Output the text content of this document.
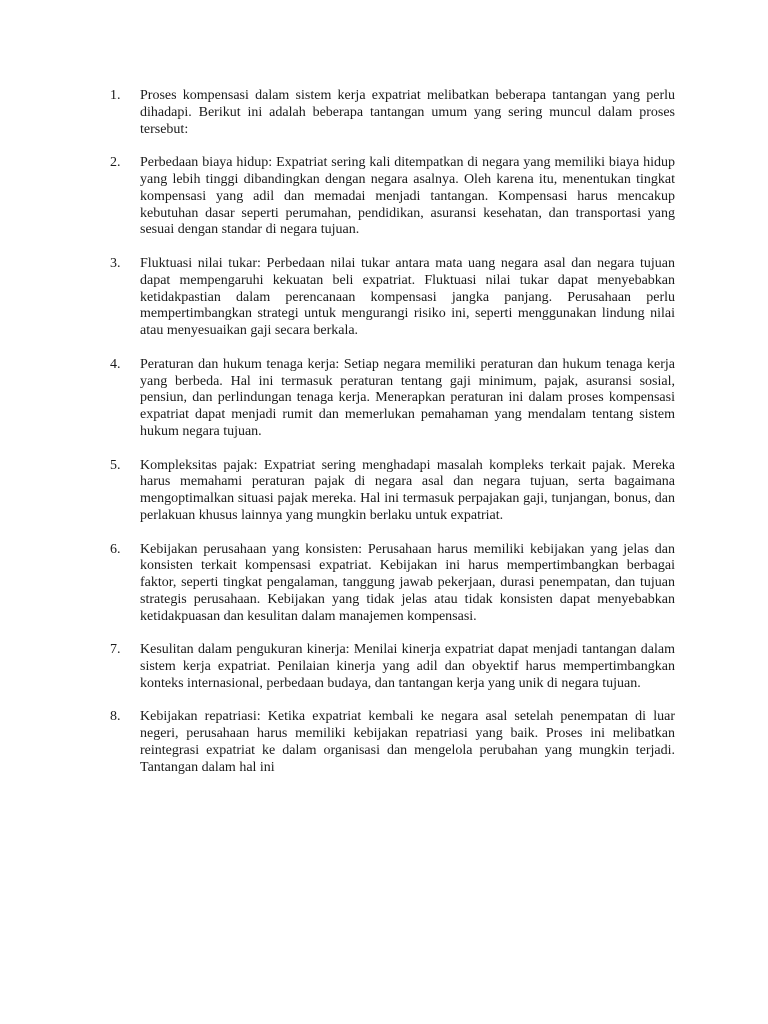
1.	Proses kompensasi dalam sistem kerja expatriat melibatkan beberapa tantangan yang perlu dihadapi. Berikut ini adalah beberapa tantangan umum yang sering muncul dalam proses tersebut:
2.	Perbedaan biaya hidup: Expatriat sering kali ditempatkan di negara yang memiliki biaya hidup yang lebih tinggi dibandingkan dengan negara asalnya. Oleh karena itu, menentukan tingkat kompensasi yang adil dan memadai menjadi tantangan. Kompensasi harus mencakup kebutuhan dasar seperti perumahan, pendidikan, asuransi kesehatan, dan transportasi yang sesuai dengan standar di negara tujuan.
3.	Fluktuasi nilai tukar: Perbedaan nilai tukar antara mata uang negara asal dan negara tujuan dapat mempengaruhi kekuatan beli expatriat. Fluktuasi nilai tukar dapat menyebabkan ketidakpastian dalam perencanaan kompensasi jangka panjang. Perusahaan perlu mempertimbangkan strategi untuk mengurangi risiko ini, seperti menggunakan lindung nilai atau menyesuaikan gaji secara berkala.
4.	Peraturan dan hukum tenaga kerja: Setiap negara memiliki peraturan dan hukum tenaga kerja yang berbeda. Hal ini termasuk peraturan tentang gaji minimum, pajak, asuransi sosial, pensiun, dan perlindungan tenaga kerja. Menerapkan peraturan ini dalam proses kompensasi expatriat dapat menjadi rumit dan memerlukan pemahaman yang mendalam tentang sistem hukum negara tujuan.
5.	Kompleksitas pajak: Expatriat sering menghadapi masalah kompleks terkait pajak. Mereka harus memahami peraturan pajak di negara asal dan negara tujuan, serta bagaimana mengoptimalkan situasi pajak mereka. Hal ini termasuk perpajakan gaji, tunjangan, bonus, dan perlakuan khusus lainnya yang mungkin berlaku untuk expatriat.
6.	Kebijakan perusahaan yang konsisten: Perusahaan harus memiliki kebijakan yang jelas dan konsisten terkait kompensasi expatriat. Kebijakan ini harus mempertimbangkan berbagai faktor, seperti tingkat pengalaman, tanggung jawab pekerjaan, durasi penempatan, dan tujuan strategis perusahaan. Kebijakan yang tidak jelas atau tidak konsisten dapat menyebabkan ketidakpuasan dan kesulitan dalam manajemen kompensasi.
7.	Kesulitan dalam pengukuran kinerja: Menilai kinerja expatriat dapat menjadi tantangan dalam sistem kerja expatriat. Penilaian kinerja yang adil dan obyektif harus mempertimbangkan konteks internasional, perbedaan budaya, dan tantangan kerja yang unik di negara tujuan.
8.	Kebijakan repatriasi: Ketika expatriat kembali ke negara asal setelah penempatan di luar negeri, perusahaan harus memiliki kebijakan repatriasi yang baik. Proses ini melibatkan reintegrasi expatriat ke dalam organisasi dan mengelola perubahan yang mungkin terjadi. Tantangan dalam hal ini
